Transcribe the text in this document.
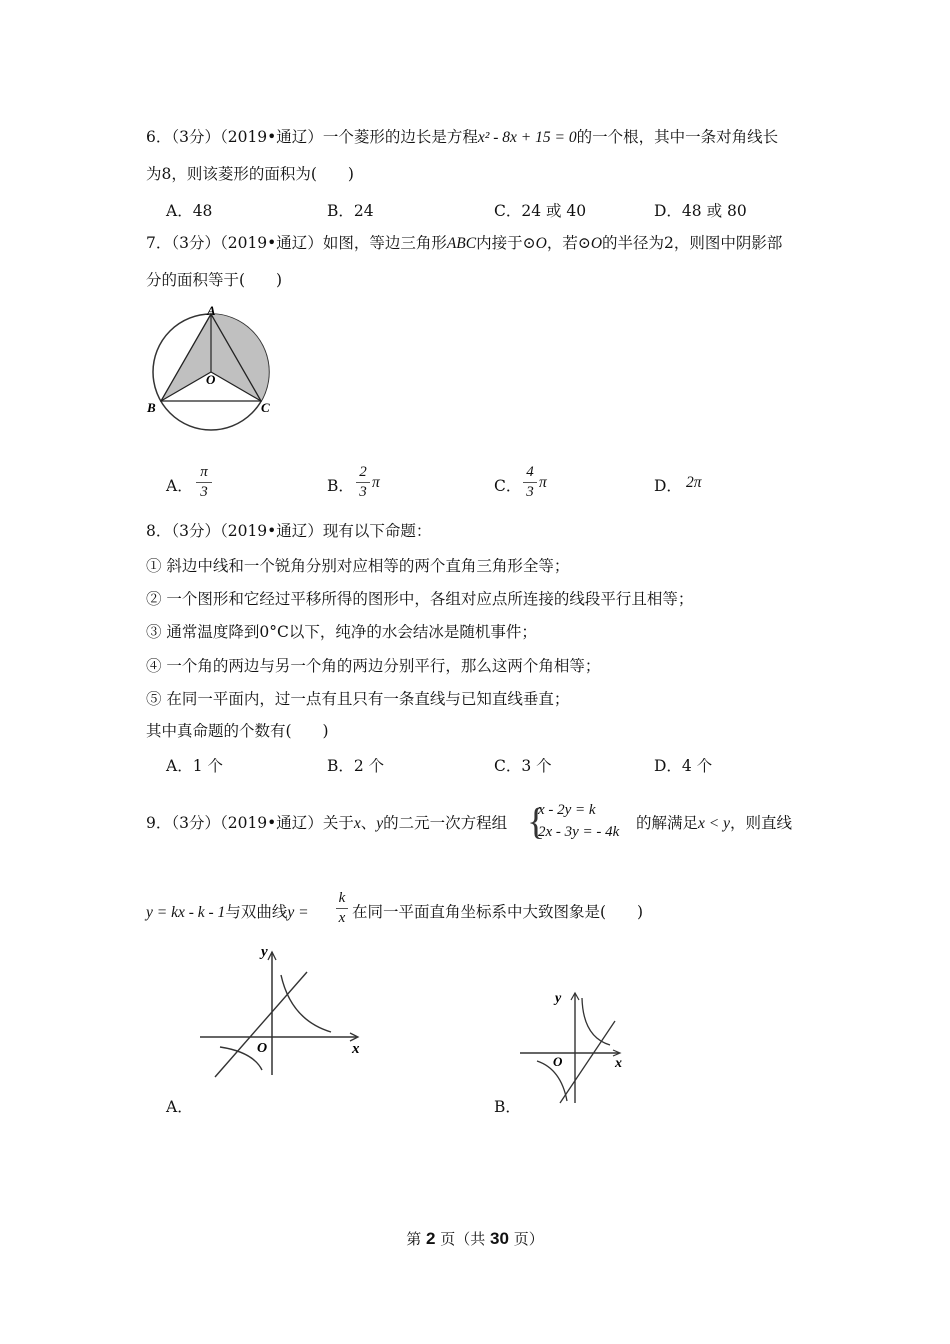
6．（3分）（2019•通辽）一个菱形的边长是方程x² - 8x + 15 = 0的一个根，其中一条对角线长
为8，则该菱形的面积为(　　)
A．48	B．24	C．24 或 40	D．48 或 80
7．（3分）（2019•通辽）如图，等边三角形ABC内接于⊙O，若⊙O的半径为2，则图中阴影部
分的面积等于(　　)
A
O
B	C
A．
π
3	B．
2
3
π	C．
4
3
π	D． 2π
8．（3分）（2019•通辽）现有以下命题：
① 斜边中线和一个锐角分别对应相等的两个直角三角形全等；
② 一个图形和它经过平移所得的图形中，各组对应点所连接的线段平行且相等；
③ 通常温度降到0°C以下，纯净的水会结冰是随机事件；
④ 一个角的两边与另一个角的两边分别平行，那么这两个角相等；
⑤ 在同一平面内，过一点有且只有一条直线与已知直线垂直；
其中真命题的个数有(　　)
A．1 个	B．2 个	C．3 个	D．4 个
9．（3分）（2019•通辽）关于x、y的二元一次方程组 {
x - 2y = k
2x - 3y = - 4k 的解满足x < y，则直线
y = kx - k - 1与双曲线y =
k
x 在同一平面直角坐标系中大致图象是(　　)
x
y
O
A．
x
y
O
B．
第 2 页（共 30 页）
